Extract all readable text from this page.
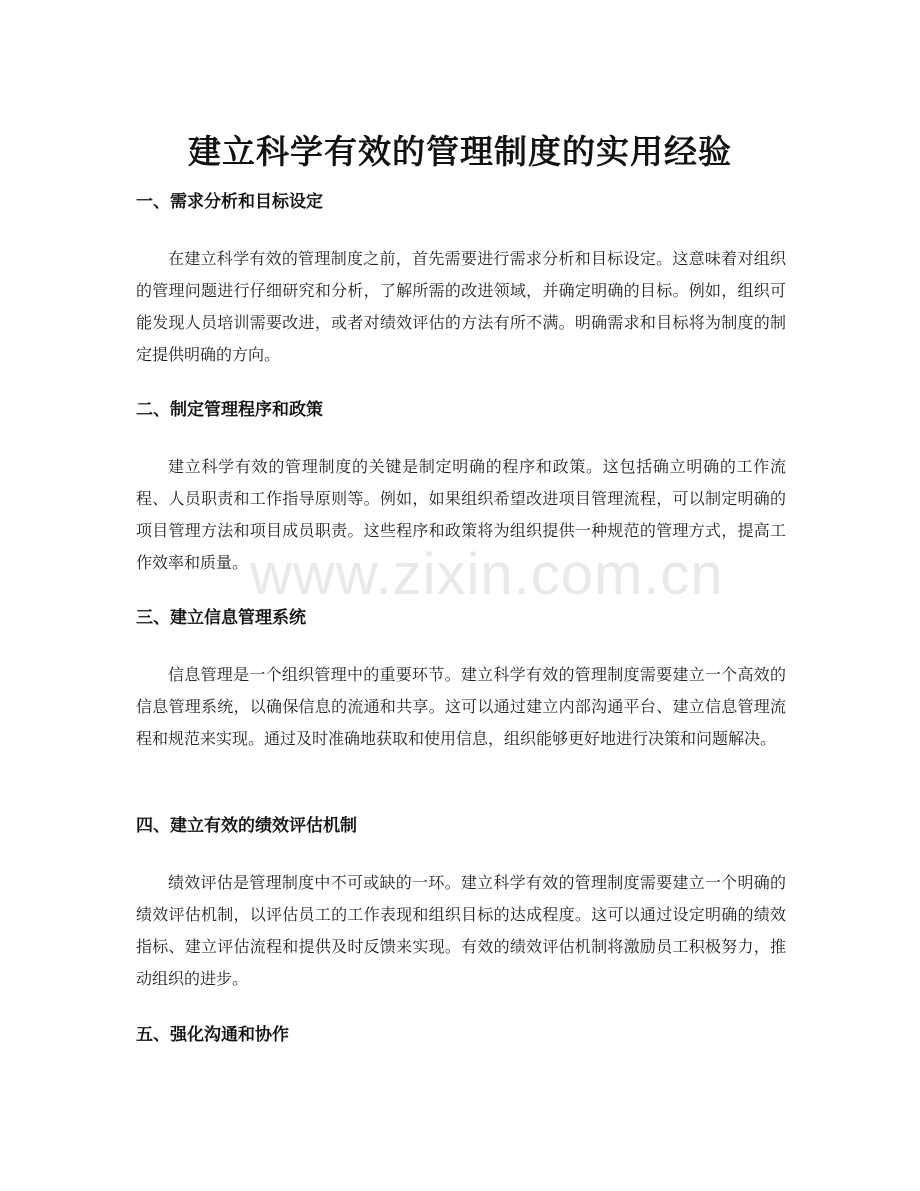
www.zixin.com.cn
建立科学有效的管理制度的实用经验
一、需求分析和目标设定

在建立科学有效的管理制度之前，首先需要进行需求分析和目标设定。这意味着对组织的管理问题进行仔细研究和分析，了解所需的改进领域，并确定明确的目标。例如，组织可能发现人员培训需要改进，或者对绩效评估的方法有所不满。明确需求和目标将为制度的制定提供明确的方向。

二、制定管理程序和政策

建立科学有效的管理制度的关键是制定明确的程序和政策。这包括确立明确的工作流程、人员职责和工作指导原则等。例如，如果组织希望改进项目管理流程，可以制定明确的项目管理方法和项目成员职责。这些程序和政策将为组织提供一种规范的管理方式，提高工作效率和质量。

三、建立信息管理系统

信息管理是一个组织管理中的重要环节。建立科学有效的管理制度需要建立一个高效的信息管理系统，以确保信息的流通和共享。这可以通过建立内部沟通平台、建立信息管理流程和规范来实现。通过及时准确地获取和使用信息，组织能够更好地进行决策和问题解决。

四、建立有效的绩效评估机制

绩效评估是管理制度中不可或缺的一环。建立科学有效的管理制度需要建立一个明确的绩效评估机制，以评估员工的工作表现和组织目标的达成程度。这可以通过设定明确的绩效指标、建立评估流程和提供及时反馈来实现。有效的绩效评估机制将激励员工积极努力，推动组织的进步。

五、强化沟通和协作
